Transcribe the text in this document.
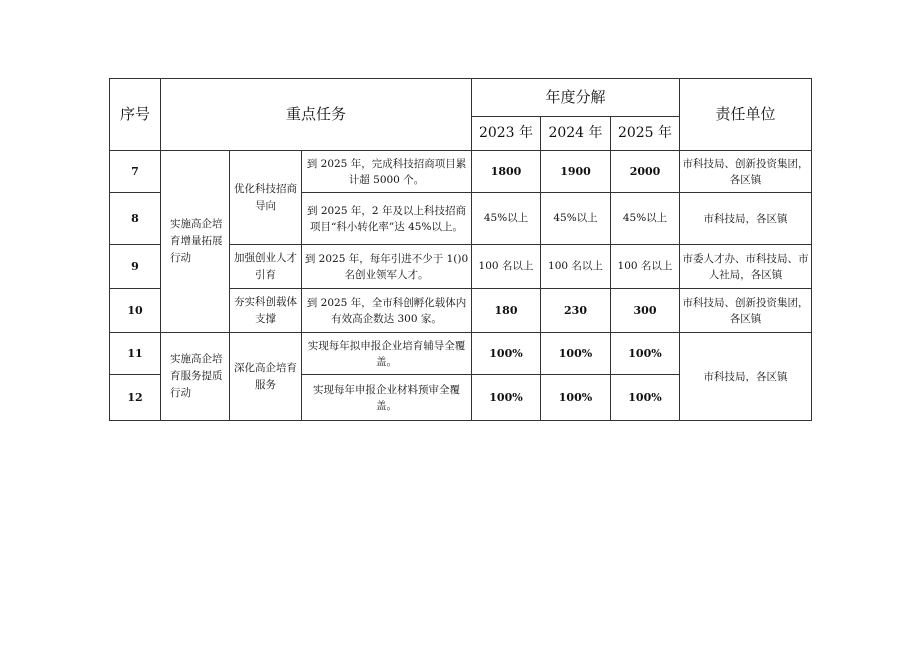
序号	重点任务			年度分解			责任单位
				2023 年	2024 年	2025 年	
7	实施高企培育增量拓展行动	优化科技招商导向	到 2025 年，完成科技招商项目累计超 5000 个。	1800	1900	2000	市科技局、创新投资集团，各区镇
8			到 2025 年，2 年及以上科技招商项目“科小转化率”达 45%以上。	45%以上	45%以上	45%以上	市科技局，各区镇
9		加强创业人才引育	到 2025 年，每年引进不少于 1()0 名创业领军人才。	100 名以上	100 名以上	100 名以上	市委人才办、市科技局、市人社局，各区镇
10		夯实科创载体支撑	到 2025 年，全市科创孵化载体内有效高企数达 300 家。	180	230	300	市科技局、创新投资集团，各区镇
11	实施高企培育服务提质行动	深化高企培育服务	实现每年拟申报企业培育辅导全覆盖。	100%	100%	100%	市科技局，各区镇
12			实现每年申报企业材料预审全覆盖。	100%	100%	100%	
